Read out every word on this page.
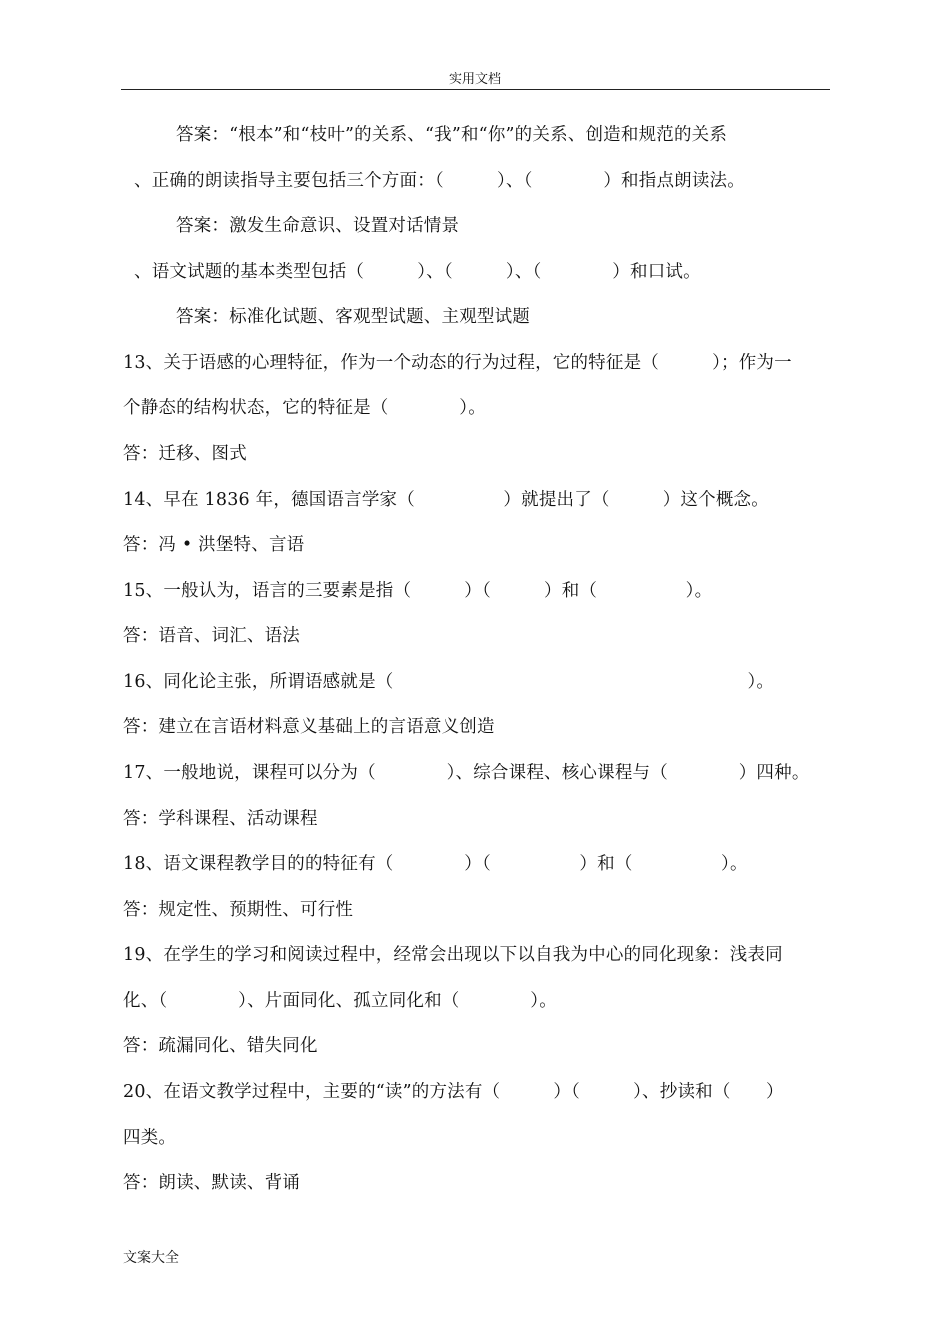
实用文档
答案：“根本”和“枝叶”的关系、“我”和“你”的关系、创造和规范的关系
、正确的朗读指导主要包括三个方面：（　　　）、（　　　　）和指点朗读法。
答案：激发生命意识、设置对话情景
、语文试题的基本类型包括（　　　）、（　　　）、（　　　　）和口试。
答案：标准化试题、客观型试题、主观型试题
13、关于语感的心理特征，作为一个动态的行为过程，它的特征是（　　　）；作为一
个静态的结构状态，它的特征是（　　　　）。
答：迁移、图式
14、早在 1836 年，德国语言学家（　　　　　）就提出了（　　　）这个概念。
答：冯 • 洪堡特、言语
15、一般认为，语言的三要素是指（　　　）（　　　）和（　　　　　）。
答：语音、词汇、语法
16、同化论主张，所谓语感就是（　　　　　　　　　　　　　　　　　　　　）。
答：建立在言语材料意义基础上的言语意义创造
17、一般地说，课程可以分为（　　　　）、综合课程、核心课程与（　　　　）四种。
答：学科课程、活动课程
18、语文课程教学目的的特征有（　　　　）（　　　　　）和（　　　　　）。
答：规定性、预期性、可行性
19、在学生的学习和阅读过程中，经常会出现以下以自我为中心的同化现象：浅表同
化、（　　　　）、片面同化、孤立同化和（　　　　）。
答：疏漏同化、错失同化
20、在语文教学过程中，主要的“读”的方法有（　　　）（　　　）、抄读和（　　）
四类。
答：朗读、默读、背诵
文案大全
